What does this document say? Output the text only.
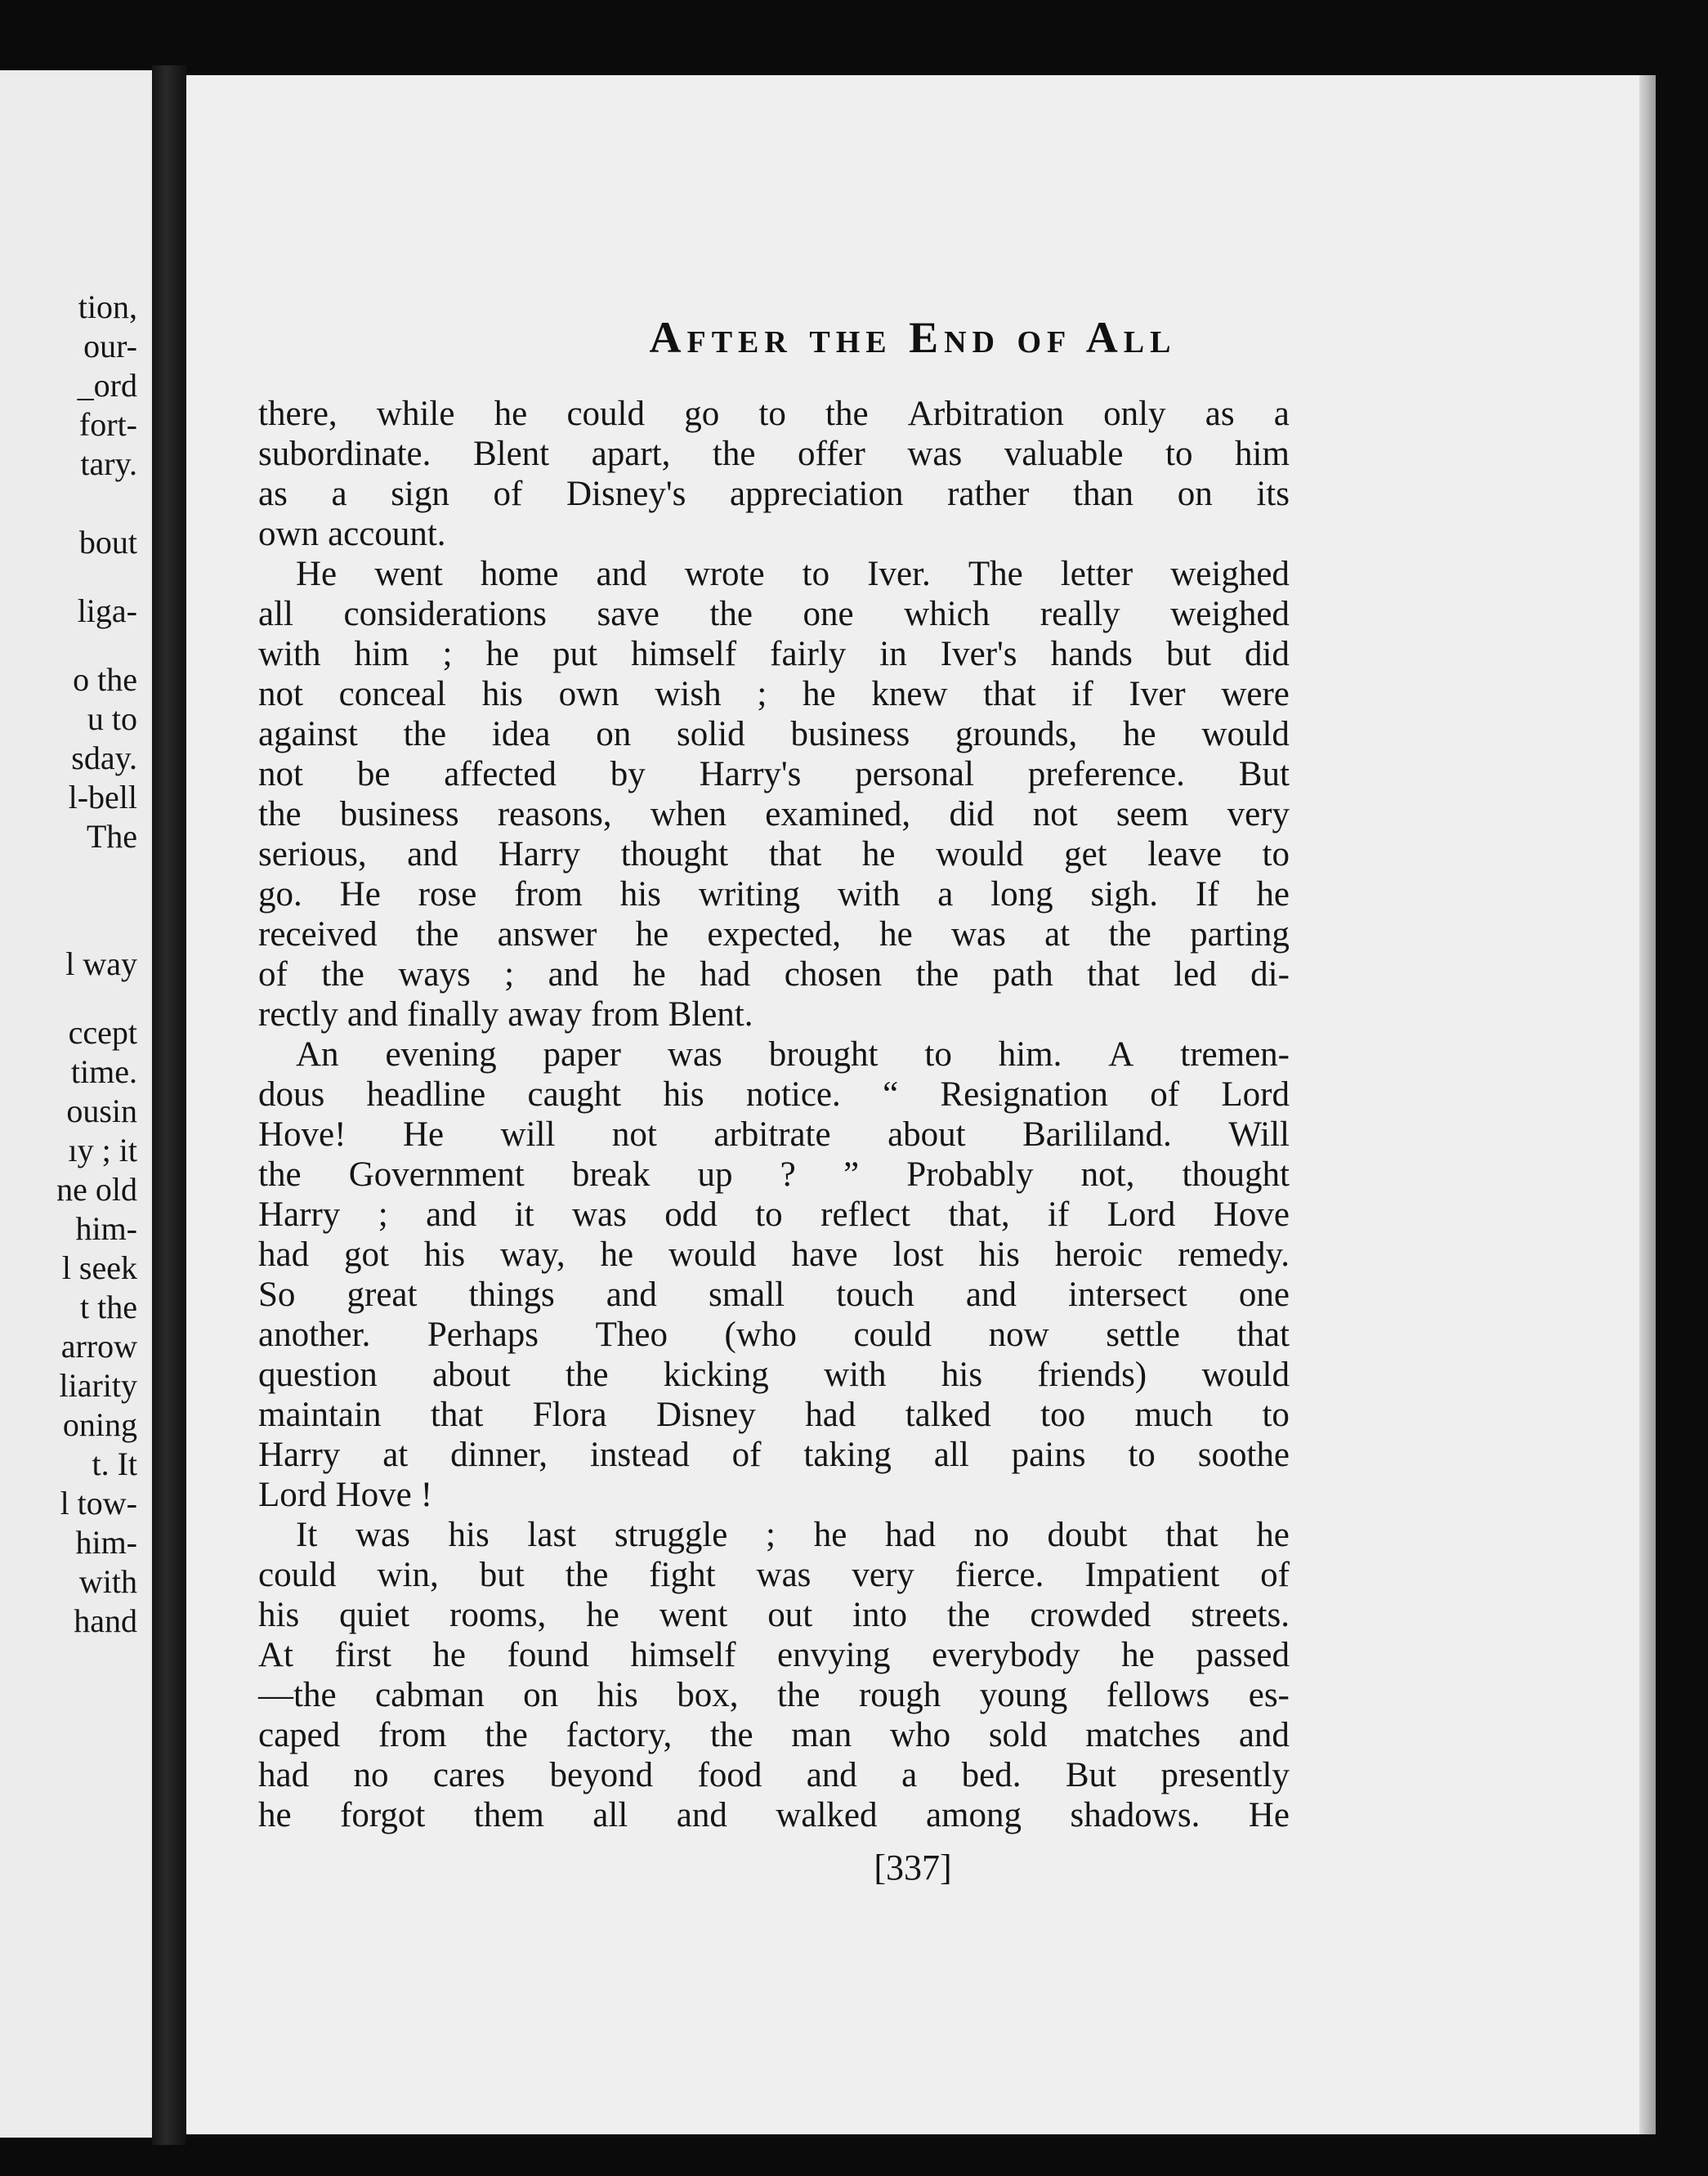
tion,
our-
_ord
fort-
tary.
bout
liga-
o the
u to
sday.
l-bell
The
l way
ccept
time.
ousin
ıy ; it
ne old
him-
l seek
t the
arrow
liarity
oning
t. It
l tow-
him-
with
hand
After the End of All
there, while he could go to the Arbitration only as a
subordinate. Blent apart, the offer was valuable to him
as a sign of Disney's appreciation rather than on its
own account.
He went home and wrote to Iver. The letter weighed
all considerations save the one which really weighed
with him ; he put himself fairly in Iver's hands but did
not conceal his own wish ; he knew that if Iver were
against the idea on solid business grounds, he would
not be affected by Harry's personal preference. But
the business reasons, when examined, did not seem very
serious, and Harry thought that he would get leave to
go. He rose from his writing with a long sigh. If he
received the answer he expected, he was at the parting
of the ways ; and he had chosen the path that led di-
rectly and finally away from Blent.
An evening paper was brought to him. A tremen-
dous headline caught his notice. “ Resignation of Lord
Hove! He will not arbitrate about Barililand. Will
the Government break up ? ” Probably not, thought
Harry ; and it was odd to reflect that, if Lord Hove
had got his way, he would have lost his heroic remedy.
So great things and small touch and intersect one
another. Perhaps Theo (who could now settle that
question about the kicking with his friends) would
maintain that Flora Disney had talked too much to
Harry at dinner, instead of taking all pains to soothe
Lord Hove !
It was his last struggle ; he had no doubt that he
could win, but the fight was very fierce. Impatient of
his quiet rooms, he went out into the crowded streets.
At first he found himself envying everybody he passed
—the cabman on his box, the rough young fellows es-
caped from the factory, the man who sold matches and
had no cares beyond food and a bed. But presently
he forgot them all and walked among shadows. He

[337]
